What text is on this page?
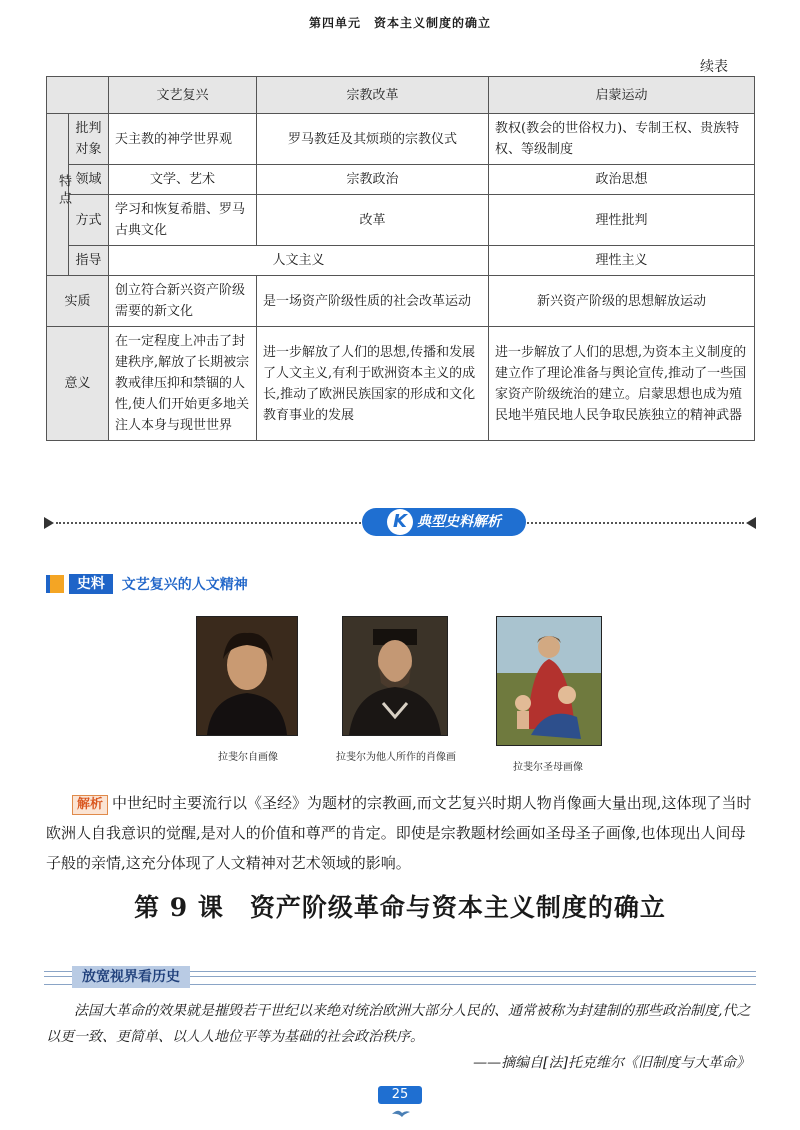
第四单元　资本主义制度的确立
续表
		文艺复兴	宗教改革	启蒙运动
特点	批判对象	天主教的神学世界观	罗马教廷及其烦琐的宗教仪式	教权(教会的世俗权力)、专制王权、贵族特权、等级制度
	领域	文学、艺术	宗教政治	政治思想
	方式	学习和恢复希腊、罗马古典文化	改革	理性批判
	指导	人文主义		理性主义
实质		创立符合新兴资产阶级需要的新文化	是一场资产阶级性质的社会改革运动	新兴资产阶级的思想解放运动
意义		在一定程度上冲击了封建秩序,解放了长期被宗教戒律压抑和禁锢的人性,使人们开始更多地关注人本身与现世世界	进一步解放了人们的思想,传播和发展了人文主义,有利于欧洲资本主义的成长,推动了欧洲民族国家的形成和文化教育事业的发展	进一步解放了人们的思想,为资本主义制度的建立作了理论准备与舆论宣传,推动了一些国家资产阶级统治的建立。启蒙思想也成为殖民地半殖民地人民争取民族独立的精神武器
K 典型史料解析
史料 文艺复兴的人文精神
拉斐尔自画像	拉斐尔为他人所作的肖像画
拉斐尔圣母画像
解析 中世纪时主要流行以《圣经》为题材的宗教画,而文艺复兴时期人物肖像画大量出现,这体现了当时欧洲人自我意识的觉醒,是对人的价值和尊严的肯定。即使是宗教题材绘画如圣母圣子画像,也体现出人间母子般的亲情,这充分体现了人文精神对艺术领域的影响。
第 9 课　资产阶级革命与资本主义制度的确立
放宽视界看历史
法国大革命的效果就是摧毁若干世纪以来绝对统治欧洲大部分人民的、通常被称为封建制的那些政治制度,代之以更一致、更简单、以人人地位平等为基础的社会政治秩序。
——摘编自[法]托克维尔《旧制度与大革命》
25
